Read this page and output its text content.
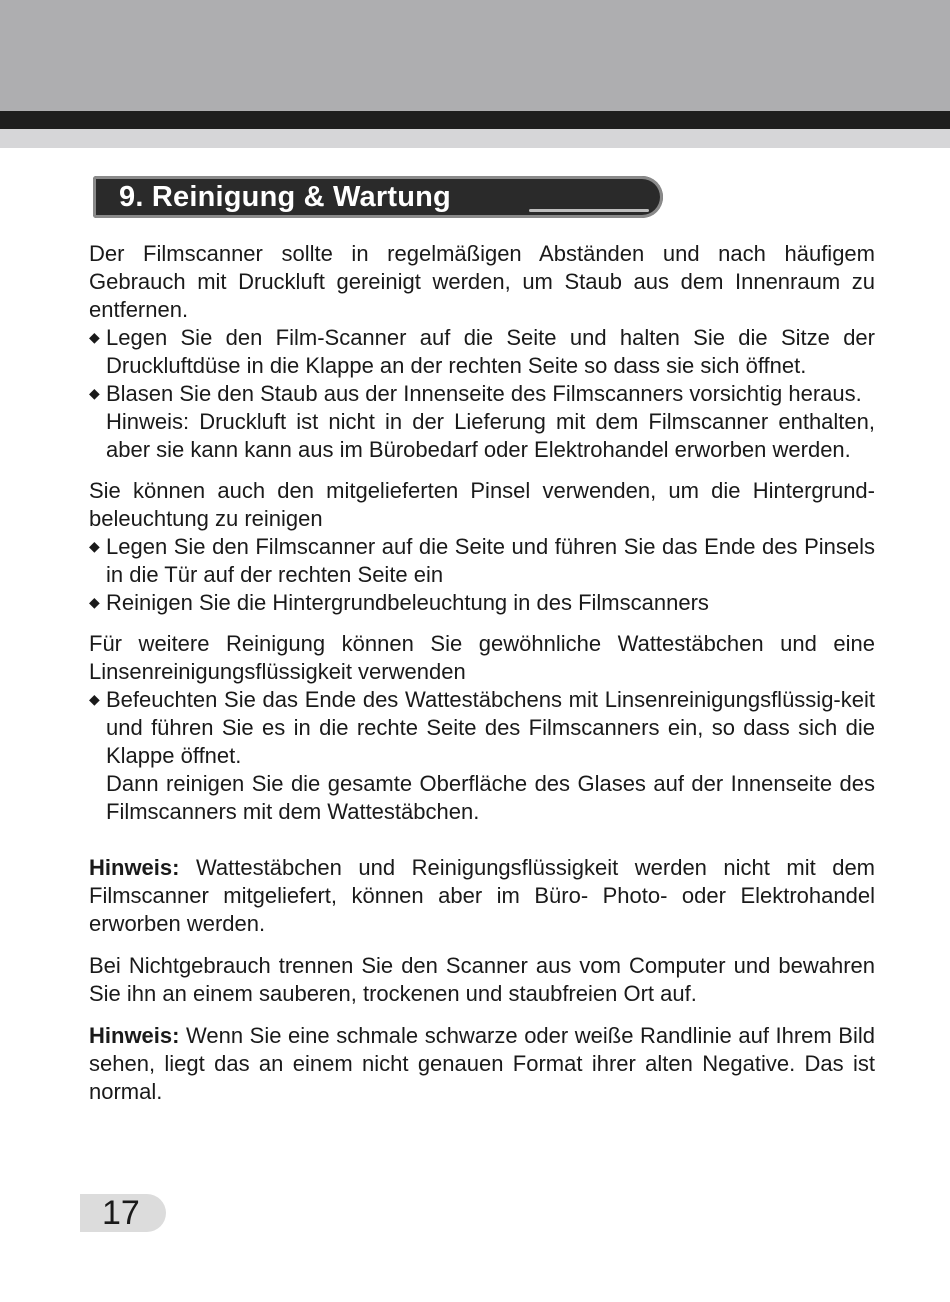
9. Reinigung & Wartung

Der Filmscanner sollte in regelmäßigen Abständen und nach häufigem Gebrauch mit Druckluft gereinigt werden, um Staub aus dem Innenraum zu entfernen.

◆ Legen Sie den Film-Scanner auf die Seite und halten Sie die Sitze der Druckluftdüse in die Klappe an der rechten Seite so dass sie sich öffnet.

◆ Blasen Sie den Staub aus der Innenseite des Filmscanners vorsichtig heraus.

Hinweis: Druckluft ist nicht in der Lieferung mit dem Filmscanner enthalten, aber sie kann kann aus im Bürobedarf oder Elektrohandel erworben werden.

Sie können auch den mitgelieferten Pinsel verwenden, um die Hintergrund-beleuchtung zu reinigen

◆ Legen Sie den Filmscanner auf die Seite und führen Sie das Ende des Pinsels in die Tür auf der rechten Seite ein

◆ Reinigen Sie die Hintergrundbeleuchtung in des Filmscanners

Für weitere Reinigung können Sie gewöhnliche Wattestäbchen und eine Linsenreinigungsflüssigkeit verwenden

◆ Befeuchten Sie das Ende des Wattestäbchens mit Linsenreinigungsflüssig-keit und führen Sie es in die rechte Seite des Filmscanners ein, so dass sich die Klappe öffnet.

Dann reinigen Sie die gesamte Oberfläche des Glases auf der Innenseite des Filmscanners mit dem Wattestäbchen.

Hinweis: Wattestäbchen und Reinigungsflüssigkeit werden nicht mit dem Filmscanner mitgeliefert, können aber im Büro- Photo- oder Elektrohandel erworben werden.

Bei Nichtgebrauch trennen Sie den Scanner aus vom Computer und bewahren Sie ihn an einem sauberen, trockenen und staubfreien Ort auf.

Hinweis: Wenn Sie eine schmale schwarze oder weiße Randlinie auf Ihrem Bild sehen, liegt das an einem nicht genauen Format ihrer alten Negative. Das ist normal.

17
